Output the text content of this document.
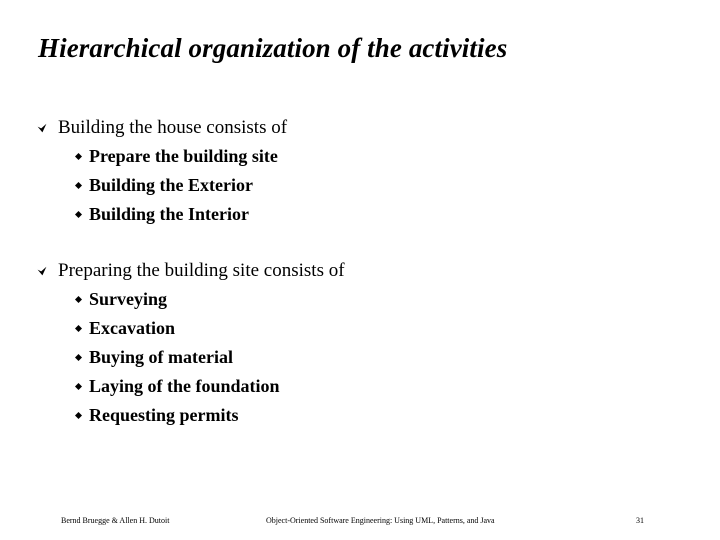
Hierarchical organization of the activities
Building the house consists of
Prepare the building site
Building the Exterior
Building the Interior
Preparing the building site consists of
Surveying
Excavation
Buying of material
Laying of the foundation
Requesting permits
Bernd Bruegge & Allen H. Dutoit	Object-Oriented Software Engineering: Using UML, Patterns, and Java	31
